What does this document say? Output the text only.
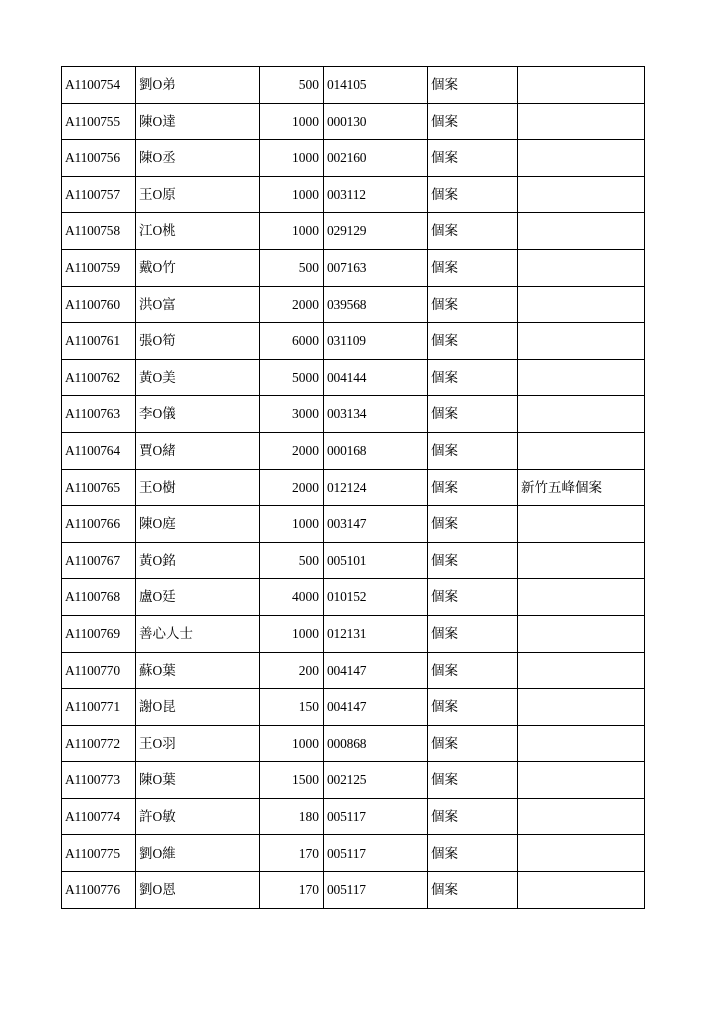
A1100754	劉O弟	500	014105	個案	
A1100755	陳O達	1000	000130	個案	
A1100756	陳O丞	1000	002160	個案	
A1100757	王O原	1000	003112	個案	
A1100758	江O桃	1000	029129	個案	
A1100759	戴O竹	500	007163	個案	
A1100760	洪O富	2000	039568	個案	
A1100761	張O筍	6000	031109	個案	
A1100762	黃O美	5000	004144	個案	
A1100763	李O儀	3000	003134	個案	
A1100764	賈O緒	2000	000168	個案	
A1100765	王O樹	2000	012124	個案	新竹五峰個案
A1100766	陳O庭	1000	003147	個案	
A1100767	黃O銘	500	005101	個案	
A1100768	盧O廷	4000	010152	個案	
A1100769	善心人士	1000	012131	個案	
A1100770	蘇O葉	200	004147	個案	
A1100771	謝O昆	150	004147	個案	
A1100772	王O羽	1000	000868	個案	
A1100773	陳O葉	1500	002125	個案	
A1100774	許O敏	180	005117	個案	
A1100775	劉O維	170	005117	個案	
A1100776	劉O恩	170	005117	個案	
